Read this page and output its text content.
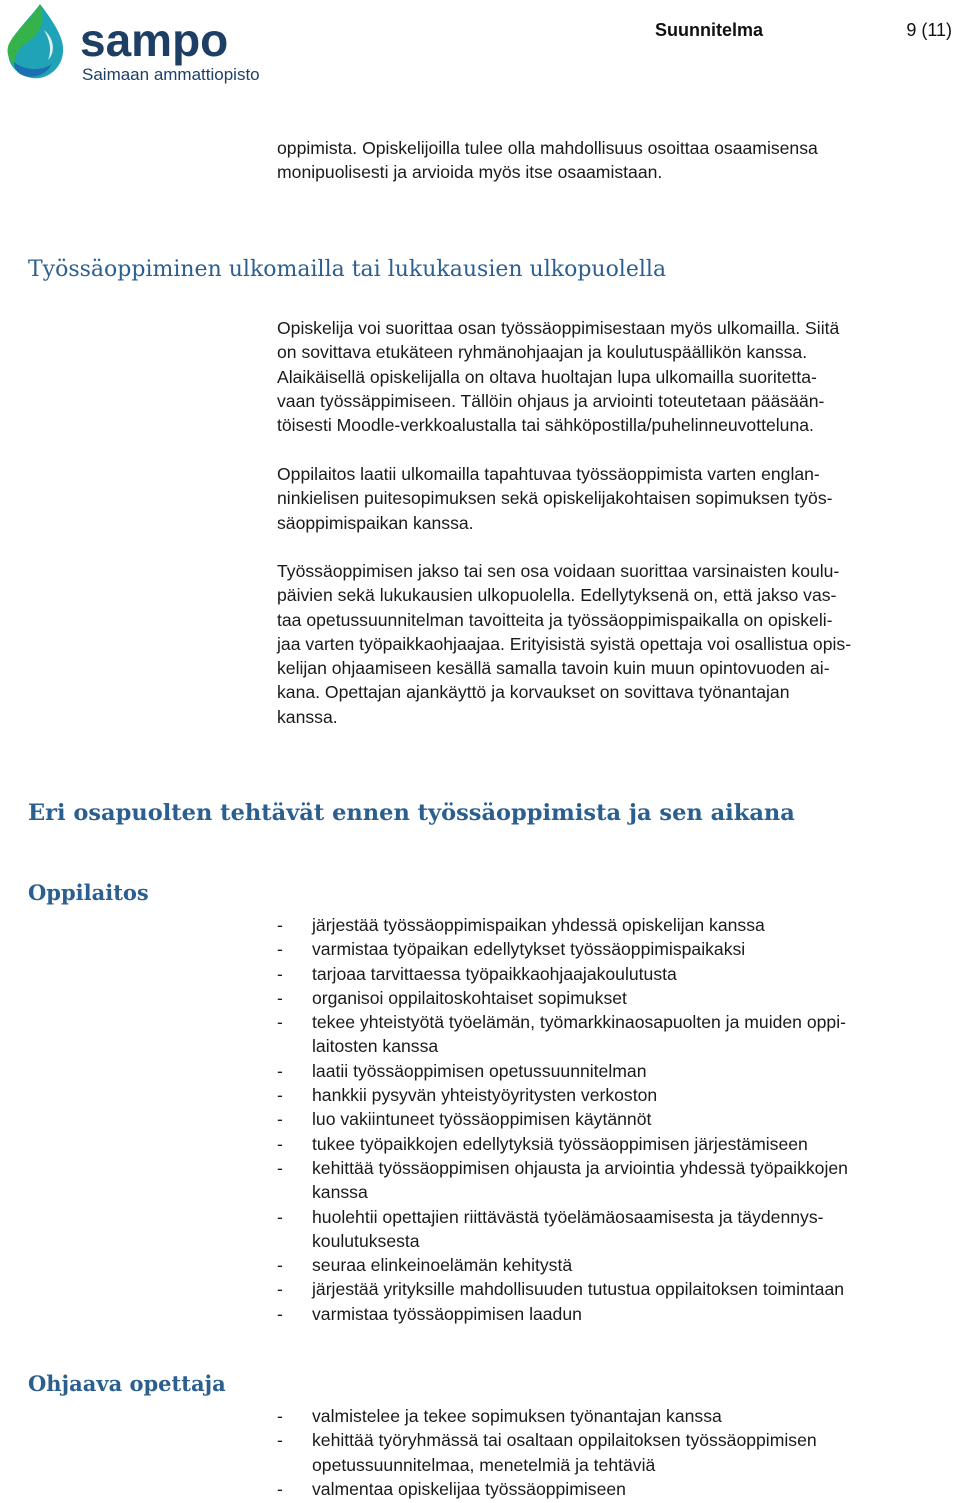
sampo
Saimaan ammattiopisto
Suunnitelma	9 (11)

oppimista. Opiskelijoilla tulee olla mahdollisuus osoittaa osaamisensa
monipuolisesti ja arvioida myös itse osaamistaan.

Työssäoppiminen ulkomailla tai lukukausien ulkopuolella

Opiskelija voi suorittaa osan työssäoppimisestaan myös ulkomailla. Siitä
on sovittava etukäteen ryhmänohjaajan ja koulutuspäällikön kanssa.
Alaikäisellä opiskelijalla on oltava huoltajan lupa ulkomailla suoritetta-
vaan työssäppimiseen. Tällöin ohjaus ja arviointi toteutetaan pääsään-
töisesti Moodle-verkkoalustalla tai sähköpostilla/puhelinneuvotteluna.

Oppilaitos laatii ulkomailla tapahtuvaa työssäoppimista varten englan-
ninkielisen puitesopimuksen sekä opiskelijakohtaisen sopimuksen työs-
säoppimispaikan kanssa.

Työssäoppimisen jakso tai sen osa voidaan suorittaa varsinaisten koulu-
päivien sekä lukukausien ulkopuolella. Edellytyksenä on, että jakso vas-
taa opetussuunnitelman tavoitteita ja työssäoppimispaikalla on opiskeli-
jaa varten työpaikkaohjaajaa. Erityisistä syistä opettaja voi osallistua opis-
kelijan ohjaamiseen kesällä samalla tavoin kuin muun opintovuoden ai-
kana. Opettajan ajankäyttö ja korvaukset on sovittava työnantajan
kanssa.

Eri osapuolten tehtävät ennen työssäoppimista ja sen aikana
Oppilaitos
- järjestää työssäoppimispaikan yhdessä opiskelijan kanssa
- varmistaa työpaikan edellytykset työssäoppimispaikaksi
- tarjoaa tarvittaessa työpaikkaohjaajakoulutusta
- organisoi oppilaitoskohtaiset sopimukset
- tekee yhteistyötä työelämän, työmarkkinaosapuolten ja muiden oppi-
laitosten kanssa
- laatii työssäoppimisen opetussuunnitelman
- hankkii pysyvän yhteistyöyritysten verkoston
- luo vakiintuneet työssäoppimisen käytännöt
- tukee työpaikkojen edellytyksiä työssäoppimisen järjestämiseen
- kehittää työssäoppimisen ohjausta ja arviointia yhdessä työpaikkojen
kanssa
- huolehtii opettajien riittävästä työelämäosaamisesta ja täydennys-
koulutuksesta
- seuraa elinkeinoelämän kehitystä
- järjestää yrityksille mahdollisuuden tutustua oppilaitoksen toimintaan
- varmistaa työssäoppimisen laadun
Ohjaava opettaja
- valmistelee ja tekee sopimuksen työnantajan kanssa
- kehittää työryhmässä tai osaltaan oppilaitoksen työssäoppimisen
opetussuunnitelmaa, menetelmiä ja tehtäviä
- valmentaa opiskelijaa työssäoppimiseen
